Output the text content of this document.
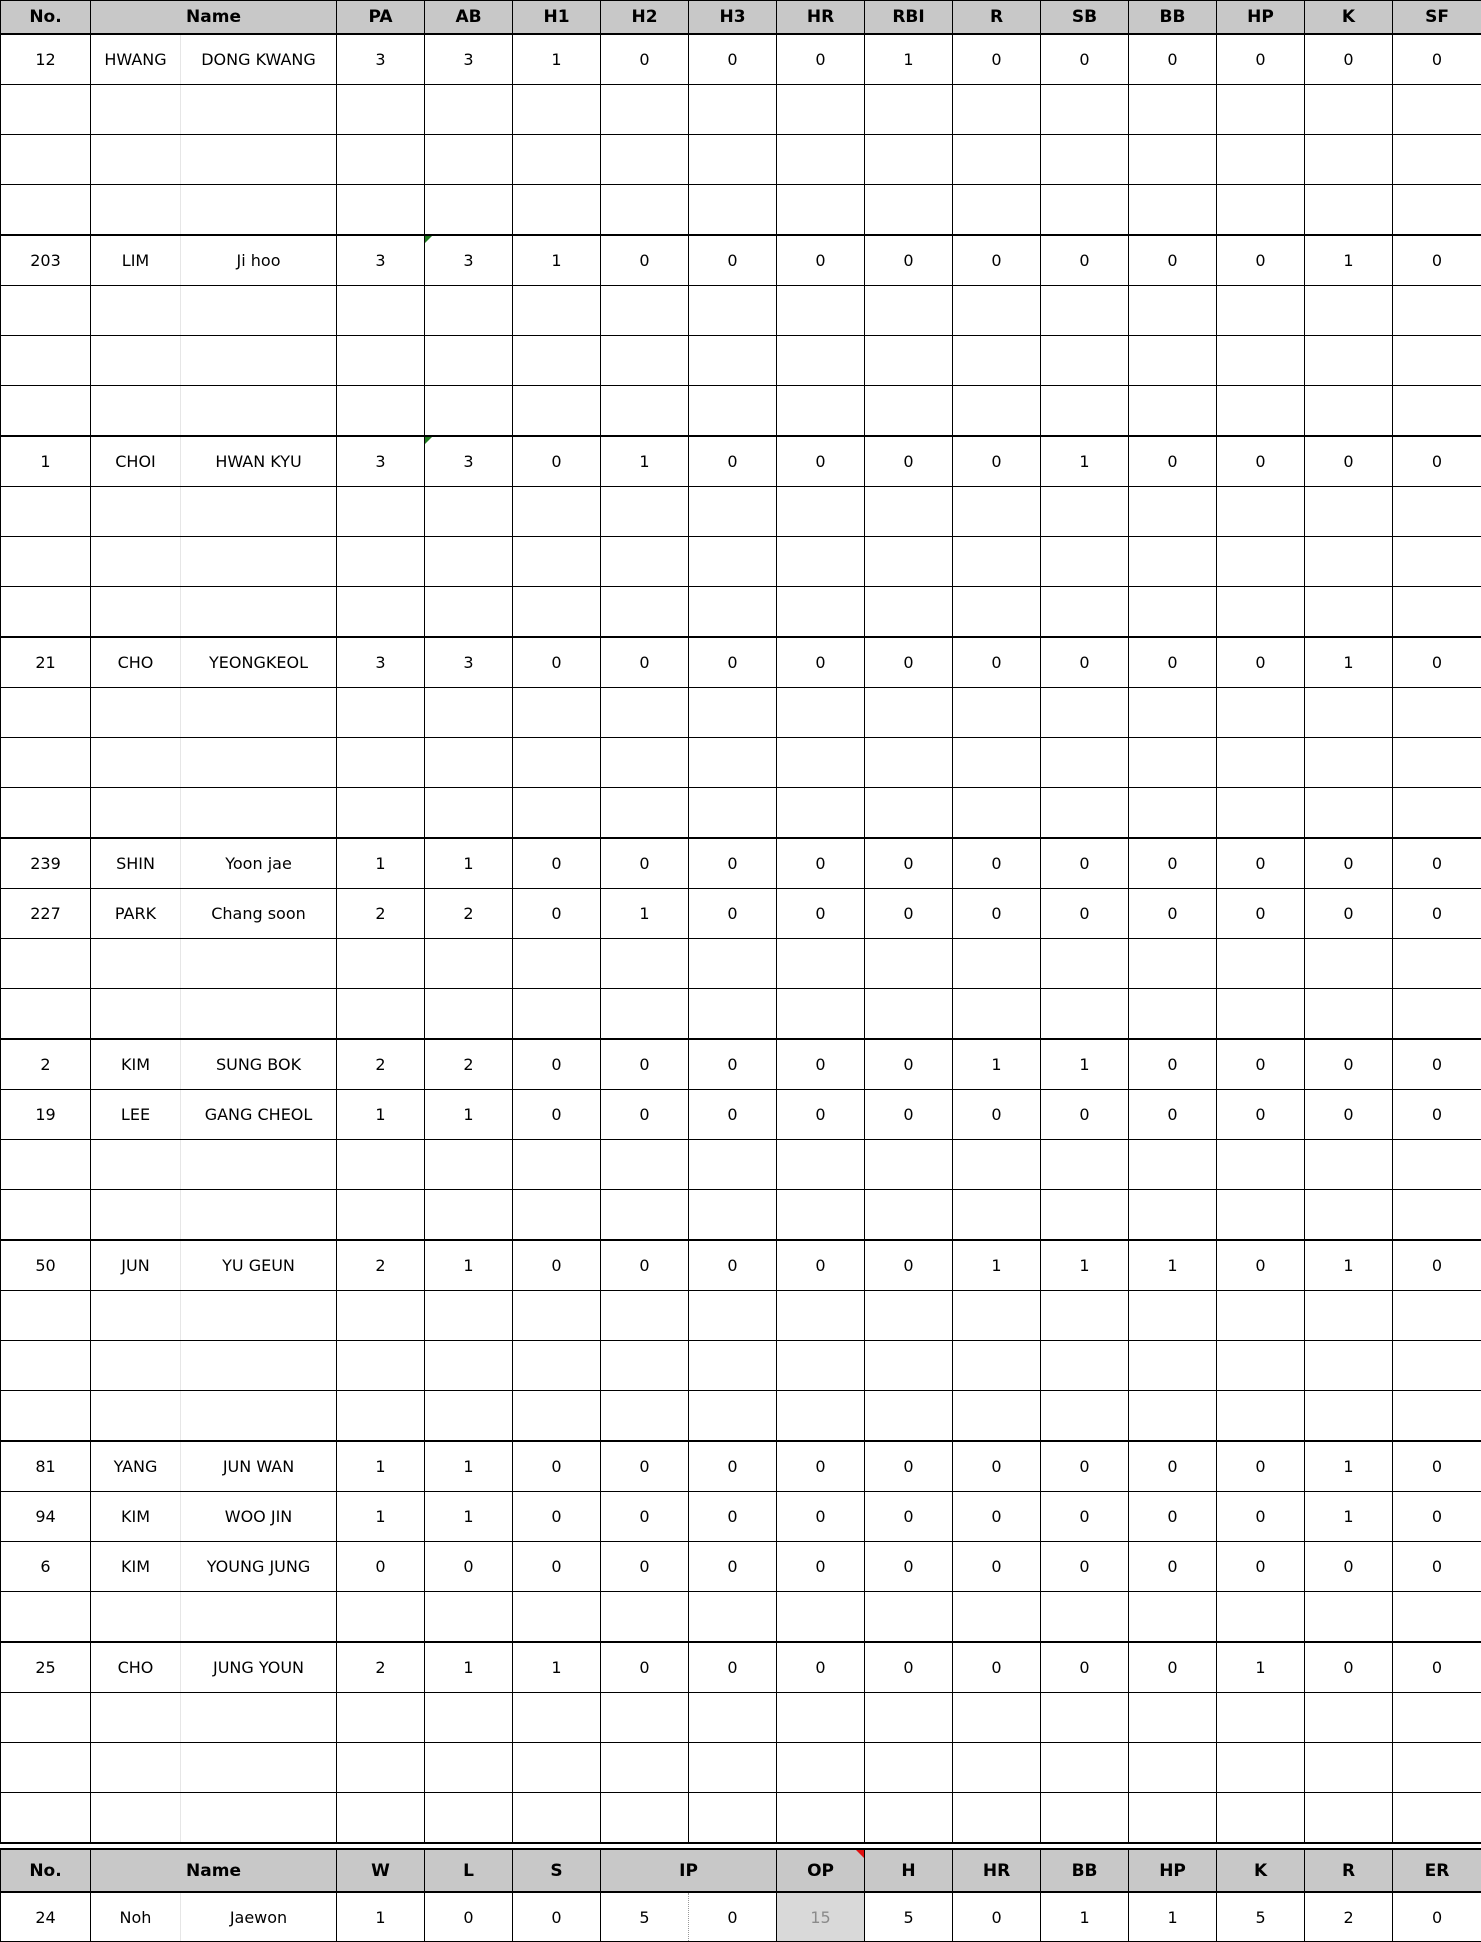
No.	Name		PA	AB	H1	H2	H3	HR	RBI	R	SB	BB	HP	K	SF
12	HWANG	DONG KWANG	3	3	1	0	0	0	1	0	0	0	0	0	0

203	LIM	Ji hoo	3	3	1	0	0	0	0	0	0	0	0	1	0

1	CHOI	HWAN KYU	3	3	0	1	0	0	0	0	1	0	0	0	0

21	CHO	YEONGKEOL	3	3	0	0	0	0	0	0	0	0	0	1	0

239	SHIN	Yoon jae	1	1	0	0	0	0	0	0	0	0	0	0	0
227	PARK	Chang soon	2	2	0	1	0	0	0	0	0	0	0	0	0

2	KIM	SUNG BOK	2	2	0	0	0	0	0	1	1	0	0	0	0
19	LEE	GANG CHEOL	1	1	0	0	0	0	0	0	0	0	0	0	0

50	JUN	YU GEUN	2	1	0	0	0	0	0	1	1	1	0	1	0

81	YANG	JUN WAN	1	1	0	0	0	0	0	0	0	0	0	1	0
94	KIM	WOO JIN	1	1	0	0	0	0	0	0	0	0	0	1	0
6	KIM	YOUNG JUNG	0	0	0	0	0	0	0	0	0	0	0	0	0

25	CHO	JUNG YOUN	2	1	1	0	0	0	0	0	0	0	1	0	0

No.	Name		W	L	S	IP		OP	H	HR	BB	HP	K	R	ER
24	Noh	Jaewon	1	0	0	5	0	15	5	0	1	1	5	2	0
